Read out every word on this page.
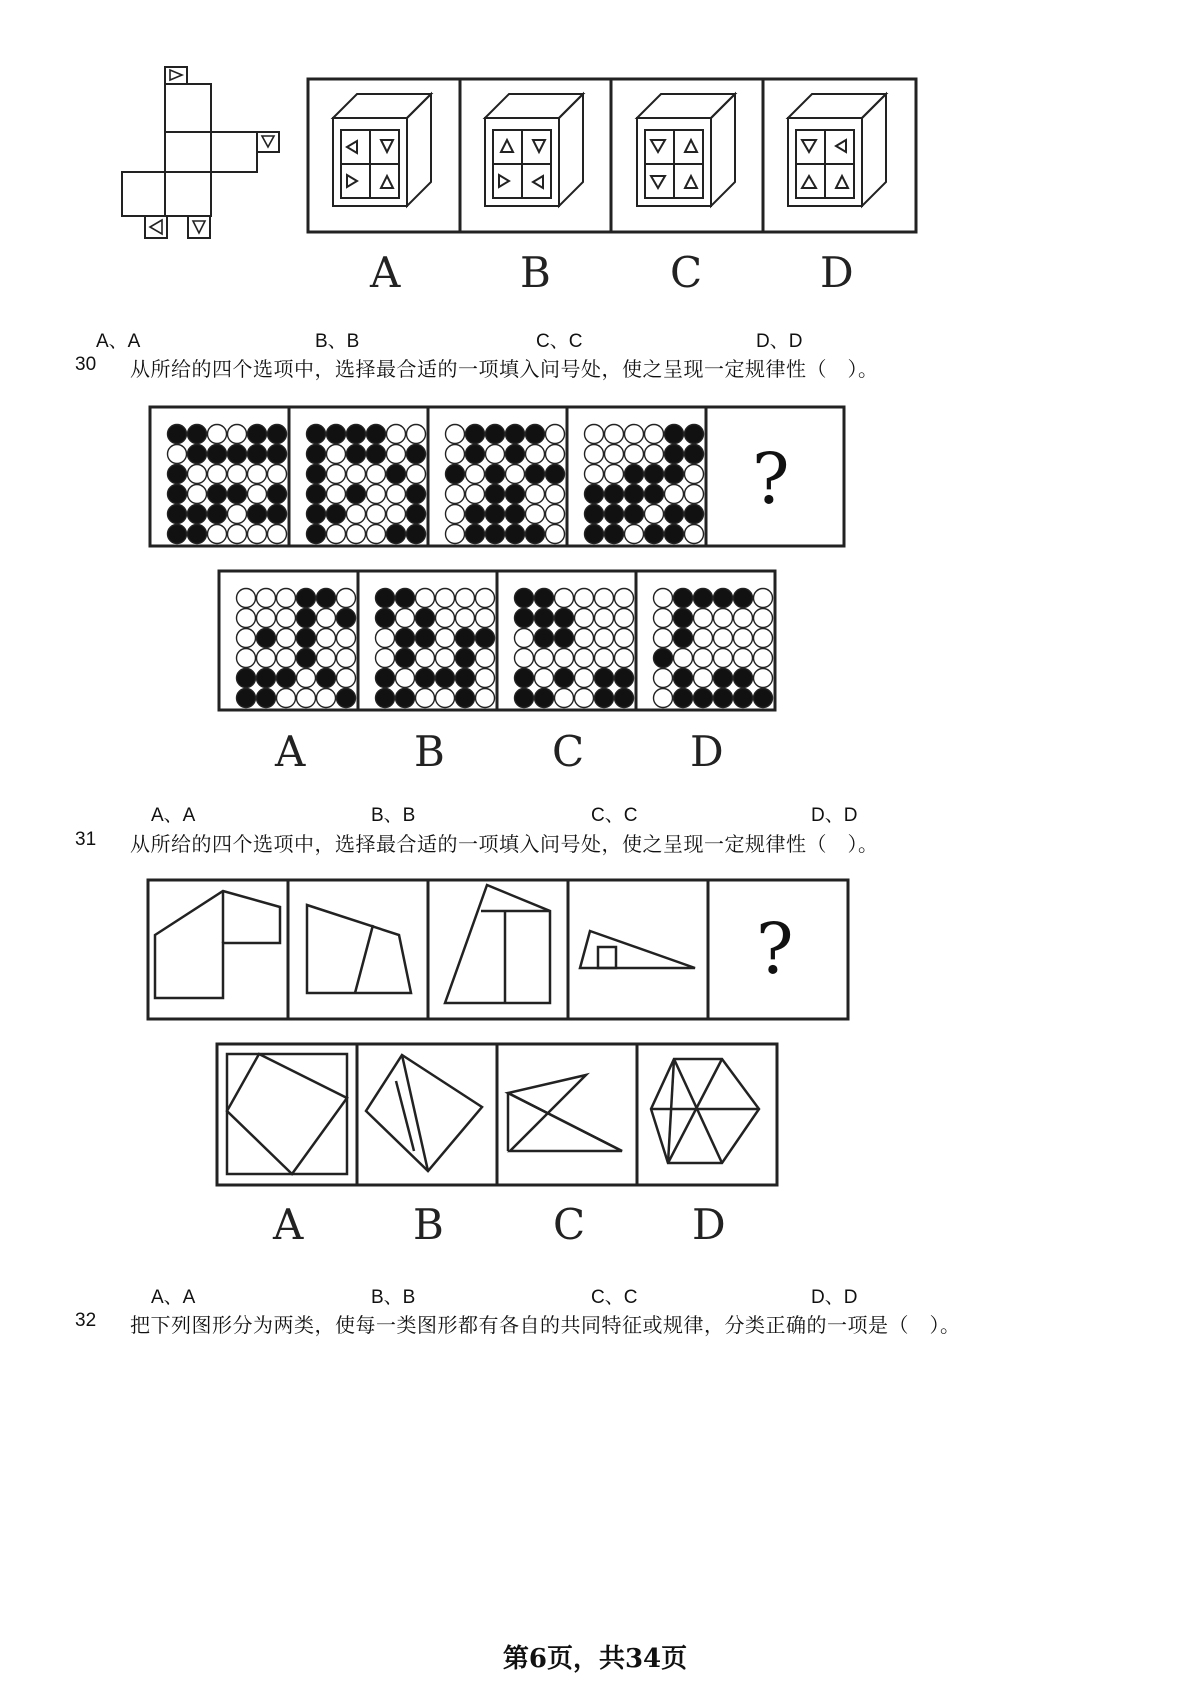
A	B	C	D
A、A	B、B	C、C	D、D
30 从所给的四个选项中，选择最合适的一项填入问号处，使之呈现一定规律性（　）。
?
A	B	C	D
A、A	B、B	C、C	D、D
31 从所给的四个选项中，选择最合适的一项填入问号处，使之呈现一定规律性（　）。
?
A	B	C	D
A、A	B、B	C、C	D、D
32 把下列图形分为两类，使每一类图形都有各自的共同特征或规律，分类正确的一项是（　）。
第6页，共34页
